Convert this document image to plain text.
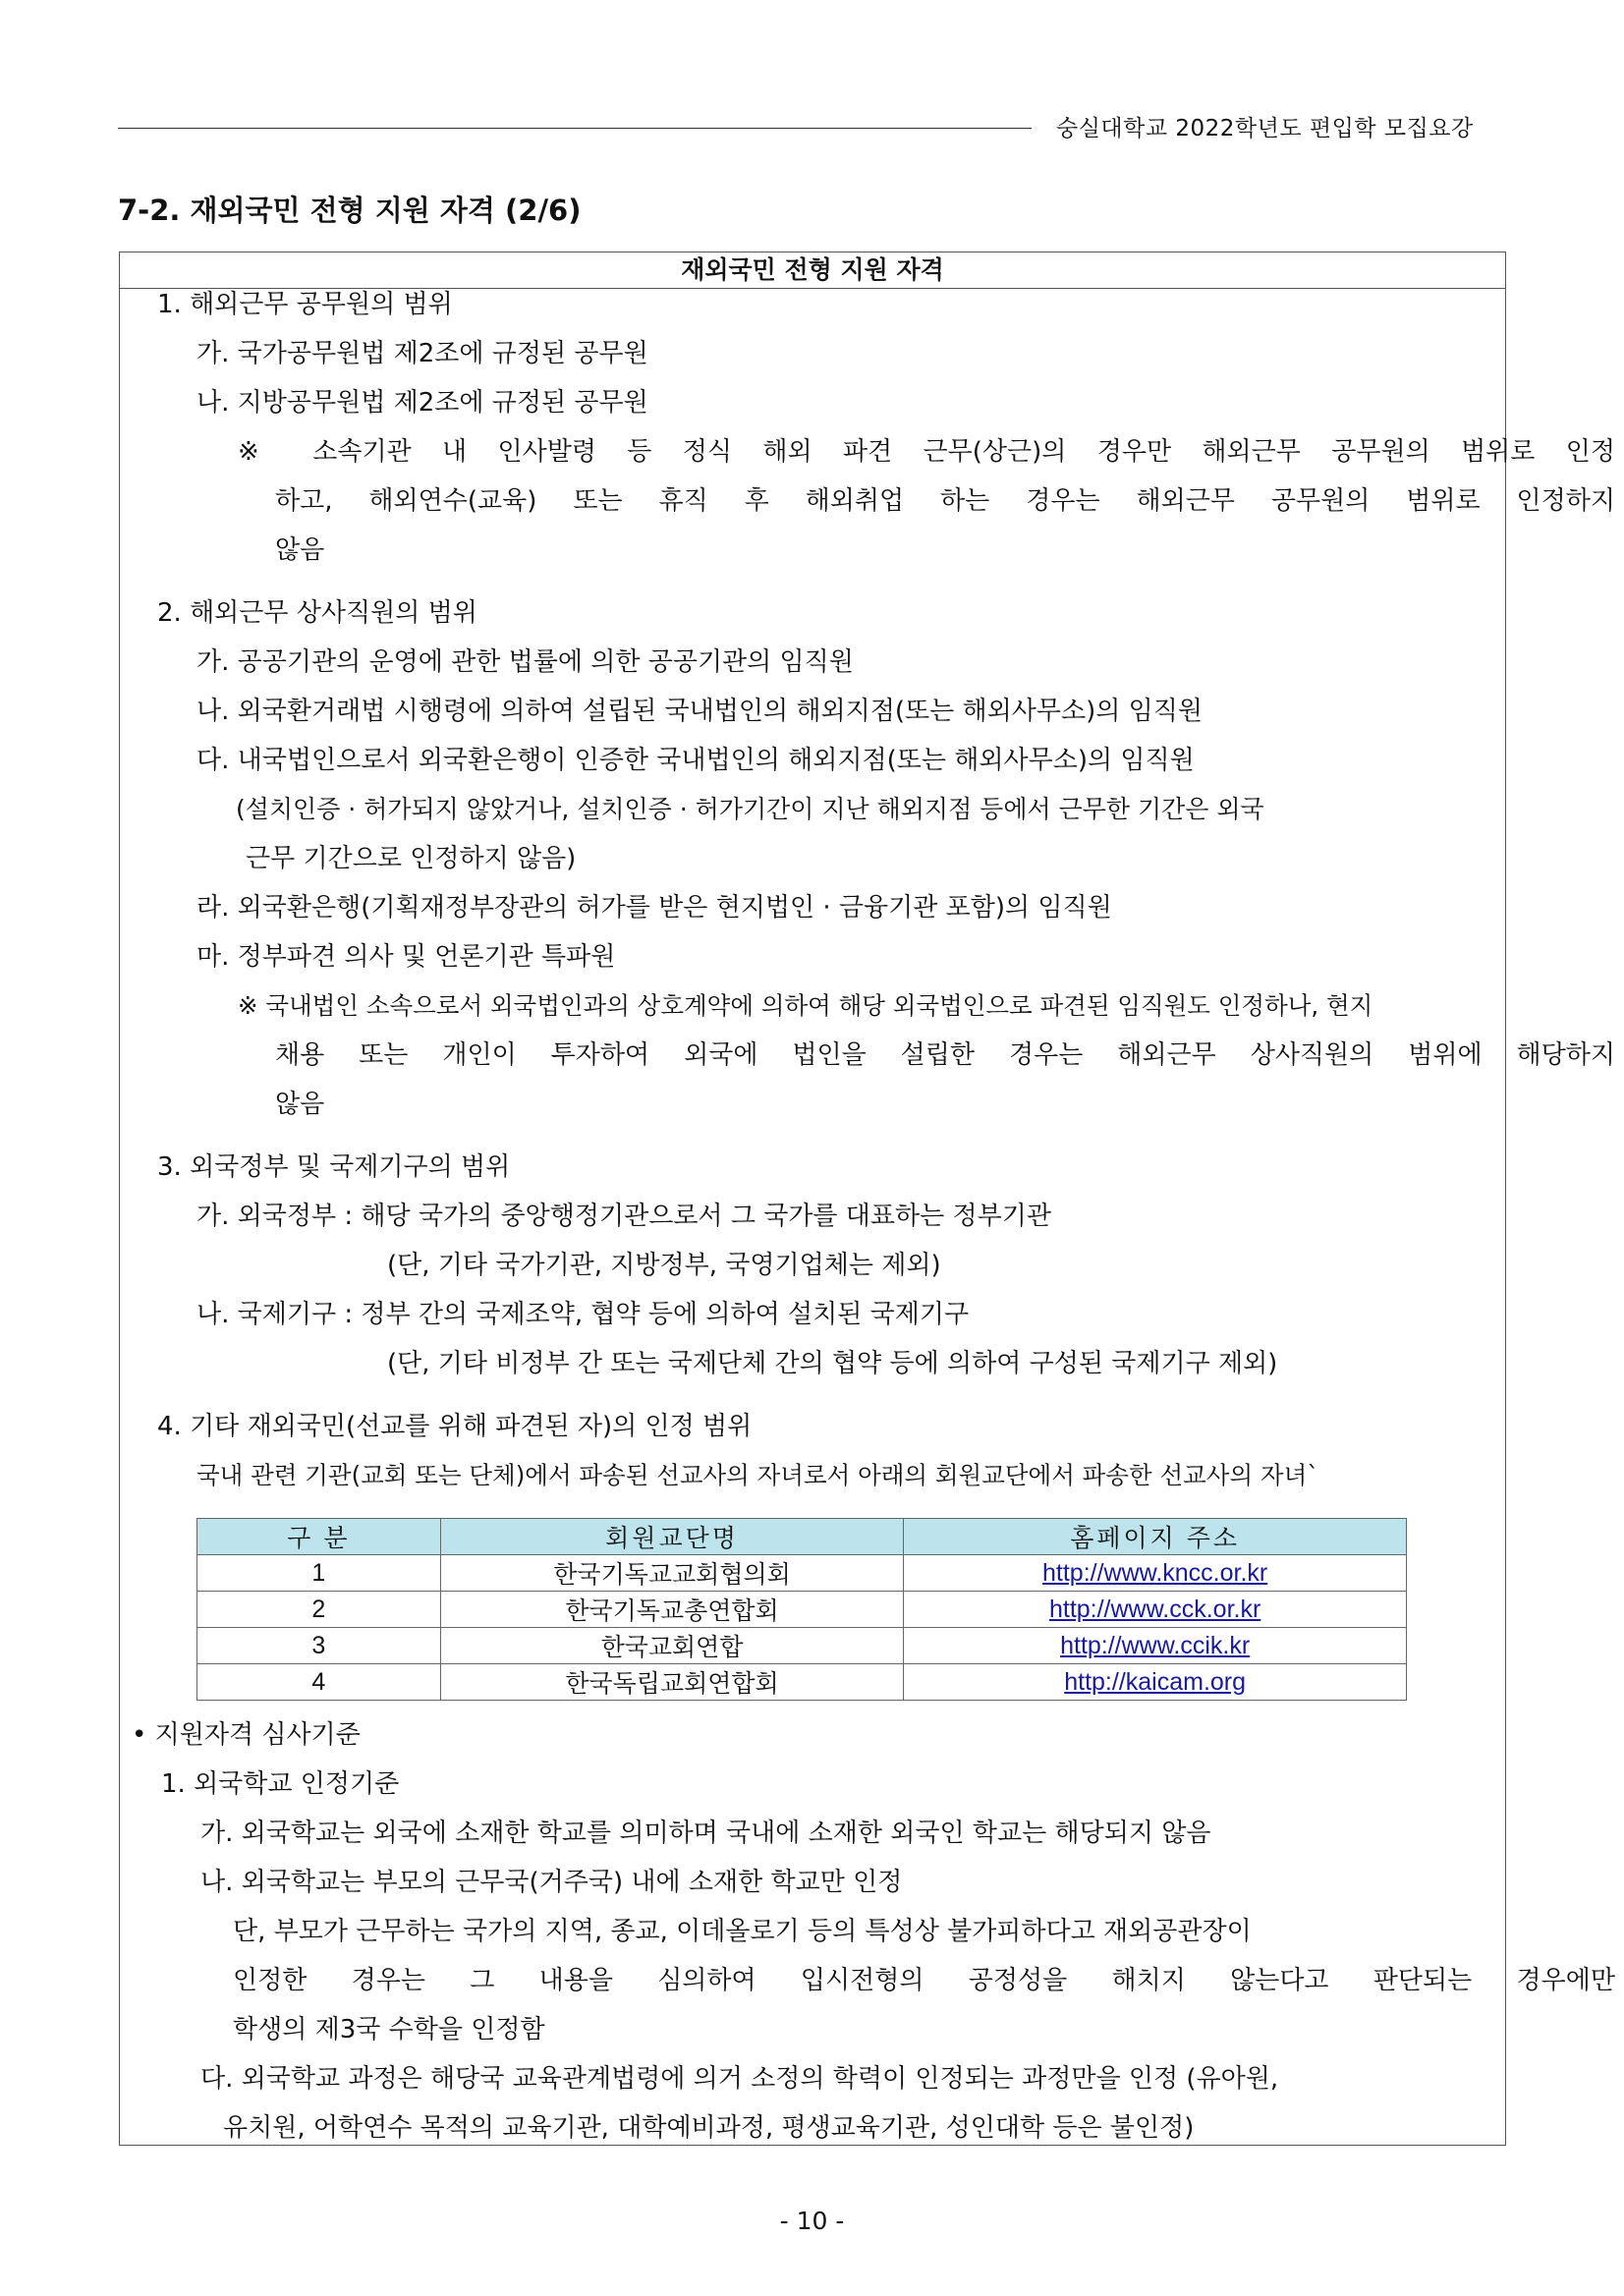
숭실대학교 2022학년도 편입학 모집요강
7-2. 재외국민 전형 지원 자격 (2/6)
재외국민 전형 지원 자격
1. 해외근무 공무원의 범위
가. 국가공무원법 제2조에 규정된 공무원
나. 지방공무원법 제2조에 규정된 공무원
※ 소속기관 내 인사발령 등 정식 해외 파견 근무(상근)의 경우만 해외근무 공무원의 범위로 인정
하고, 해외연수(교육) 또는 휴직 후 해외취업 하는 경우는 해외근무 공무원의 범위로 인정하지
않음
2. 해외근무 상사직원의 범위
가. 공공기관의 운영에 관한 법률에 의한 공공기관의 임직원
나. 외국환거래법 시행령에 의하여 설립된 국내법인의 해외지점(또는 해외사무소)의 임직원
다. 내국법인으로서 외국환은행이 인증한 국내법인의 해외지점(또는 해외사무소)의 임직원
(설치인증 · 허가되지 않았거나, 설치인증 · 허가기간이 지난 해외지점 등에서 근무한 기간은 외국
근무 기간으로 인정하지 않음)
라. 외국환은행(기획재정부장관의 허가를 받은 현지법인 · 금융기관 포함)의 임직원
마. 정부파견 의사 및 언론기관 특파원
※ 국내법인 소속으로서 외국법인과의 상호계약에 의하여 해당 외국법인으로 파견된 임직원도 인정하나, 현지
채용 또는 개인이 투자하여 외국에 법인을 설립한 경우는 해외근무 상사직원의 범위에 해당하지
않음
3. 외국정부 및 국제기구의 범위
가. 외국정부 : 해당 국가의 중앙행정기관으로서 그 국가를 대표하는 정부기관
(단, 기타 국가기관, 지방정부, 국영기업체는 제외)
나. 국제기구 : 정부 간의 국제조약, 협약 등에 의하여 설치된 국제기구
(단, 기타 비정부 간 또는 국제단체 간의 협약 등에 의하여 구성된 국제기구 제외)
4. 기타 재외국민(선교를 위해 파견된 자)의 인정 범위
국내 관련 기관(교회 또는 단체)에서 파송된 선교사의 자녀로서 아래의 회원교단에서 파송한 선교사의 자녀`
구 분	회원교단명	홈페이지 주소
1	한국기독교교회협의회	http://www.kncc.or.kr
2	한국기독교총연합회	http://www.cck.or.kr
3	한국교회연합	http://www.ccik.kr
4	한국독립교회연합회	http://kaicam.org
• 지원자격 심사기준
1. 외국학교 인정기준
가. 외국학교는 외국에 소재한 학교를 의미하며 국내에 소재한 외국인 학교는 해당되지 않음
나. 외국학교는 부모의 근무국(거주국) 내에 소재한 학교만 인정
단, 부모가 근무하는 국가의 지역, 종교, 이데올로기 등의 특성상 불가피하다고 재외공관장이
인정한 경우는 그 내용을 심의하여 입시전형의 공정성을 해치지 않는다고 판단되는 경우에만
학생의 제3국 수학을 인정함
다. 외국학교 과정은 해당국 교육관계법령에 의거 소정의 학력이 인정되는 과정만을 인정 (유아원,
유치원, 어학연수 목적의 교육기관, 대학예비과정, 평생교육기관, 성인대학 등은 불인정)
- 10 -
